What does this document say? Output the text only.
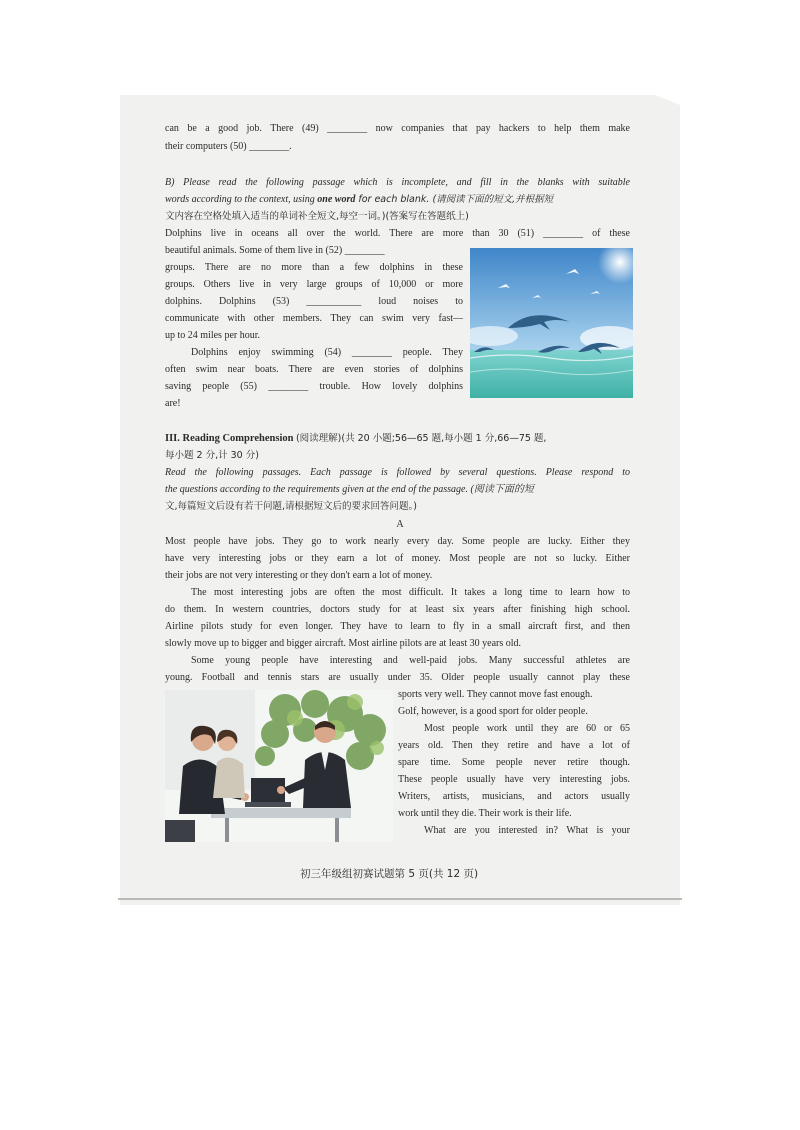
can be a good job. There (49) ________ now companies that pay hackers to help them make
their computers (50) ________.
B) Please read the following passage which is incomplete, and fill in the blanks with suitable
words according to the context, using one word for each blank. (请阅读下面的短文,并根据短
文内容在空格处填入适当的单词补全短文,每空一词。)(答案写在答题纸上)
Dolphins live in oceans all over the world. There are more than 30 (51) ________ of these
beautiful animals. Some of them live in (52) ________
groups. There are no more than a few dolphins in these
groups. Others live in very large groups of 10,000 or more
dolphins. Dolphins (53) ___________ loud noises to
communicate with other members. They can swim very fast—
up to 24 miles per hour.
Dolphins enjoy swimming (54) ________ people. They
often swim near boats. There are even stories of dolphins
saving people (55) ________ trouble. How lovely dolphins
are!
III. Reading Comprehension (阅读理解)(共 20 小题;56—65 题,每小题 1 分,66—75 题,
每小题 2 分,计 30 分)
Read the following passages. Each passage is followed by several questions. Please respond to
the questions according to the requirements given at the end of the passage. (阅读下面的短
文,每篇短文后设有若干问题,请根据短文后的要求回答问题。)
A
Most people have jobs. They go to work nearly every day. Some people are lucky. Either they
have very interesting jobs or they earn a lot of money. Most people are not so lucky. Either
their jobs are not very interesting or they don't earn a lot of money.
The most interesting jobs are often the most difficult. It takes a long time to learn how to
do them. In western countries, doctors study for at least six years after finishing high school.
Airline pilots study for even longer. They have to learn to fly in a small aircraft first, and then
slowly move up to bigger and bigger aircraft. Most airline pilots are at least 30 years old.
Some young people have interesting and well-paid jobs. Many successful athletes are
young. Football and tennis stars are usually under 35. Older people usually cannot play these
sports very well. They cannot move fast enough.
Golf, however, is a good sport for older people.
Most people work until they are 60 or 65
years old. Then they retire and have a lot of
spare time. Some people never retire though.
These people usually have very interesting jobs.
Writers, artists, musicians, and actors usually
work until they die. Their work is their life.
What are you interested in? What is your
初三年级组初赛试题第 5 页(共 12 页)
